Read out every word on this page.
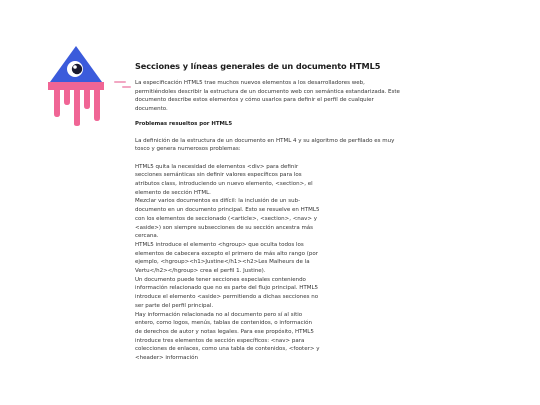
Secciones y líneas generales de un documento HTML5

La especificación HTML5 trae muchos nuevos elementos a los desarrolladores web, permitiéndoles describir la estructura de un documento web con semántica estandarizada. Este documento describe estos elementos y cómo usarlos para definir el perfil de cualquier documento.

Problemas resueltos por HTML5

La definición de la estructura de un documento en HTML 4 y su algoritmo de perfilado es muy tosco y genera numerosos problemas:

HTML5 quita la necesidad de elementos <div> para definir secciones semánticas sin definir valores específicos para los atributos class, introduciendo un nuevo elemento, <section>, el elemento de sección HTML.

Mezclar varios documentos es difícil: la inclusión de un sub-documento en un documento principal. Esto se resuelve en HTML5 con los elementos de seccionado (<article>, <section>, <nav> y <aside>) son siempre subsecciones de su sección ancestra más cercana.

HTML5 introduce el elemento <hgroup> que oculta todos los elementos de cabecera excepto el primero de más alto rango (por ejemplo, <hgroup><h1>Justine</h1><h2>Les Malheurs de la Vertu</h2></hgroup> crea el perfil 1. Justine).

Un documento puede tener secciones especiales conteniendo información relacionado que no es parte del flujo principal. HTML5 introduce el elemento <aside> permitiendo a dichas secciones no ser parte del perfil principal.

Hay información relacionada no al documento pero sí al sitio entero, como logos, menús, tablas de contenidos, o información de derechos de autor y notas legales. Para ese propósito, HTML5 introduce tres elementos de sección específicos: <nav> para colecciones de enlaces, como una tabla de contenidos, <footer> y <header> información
